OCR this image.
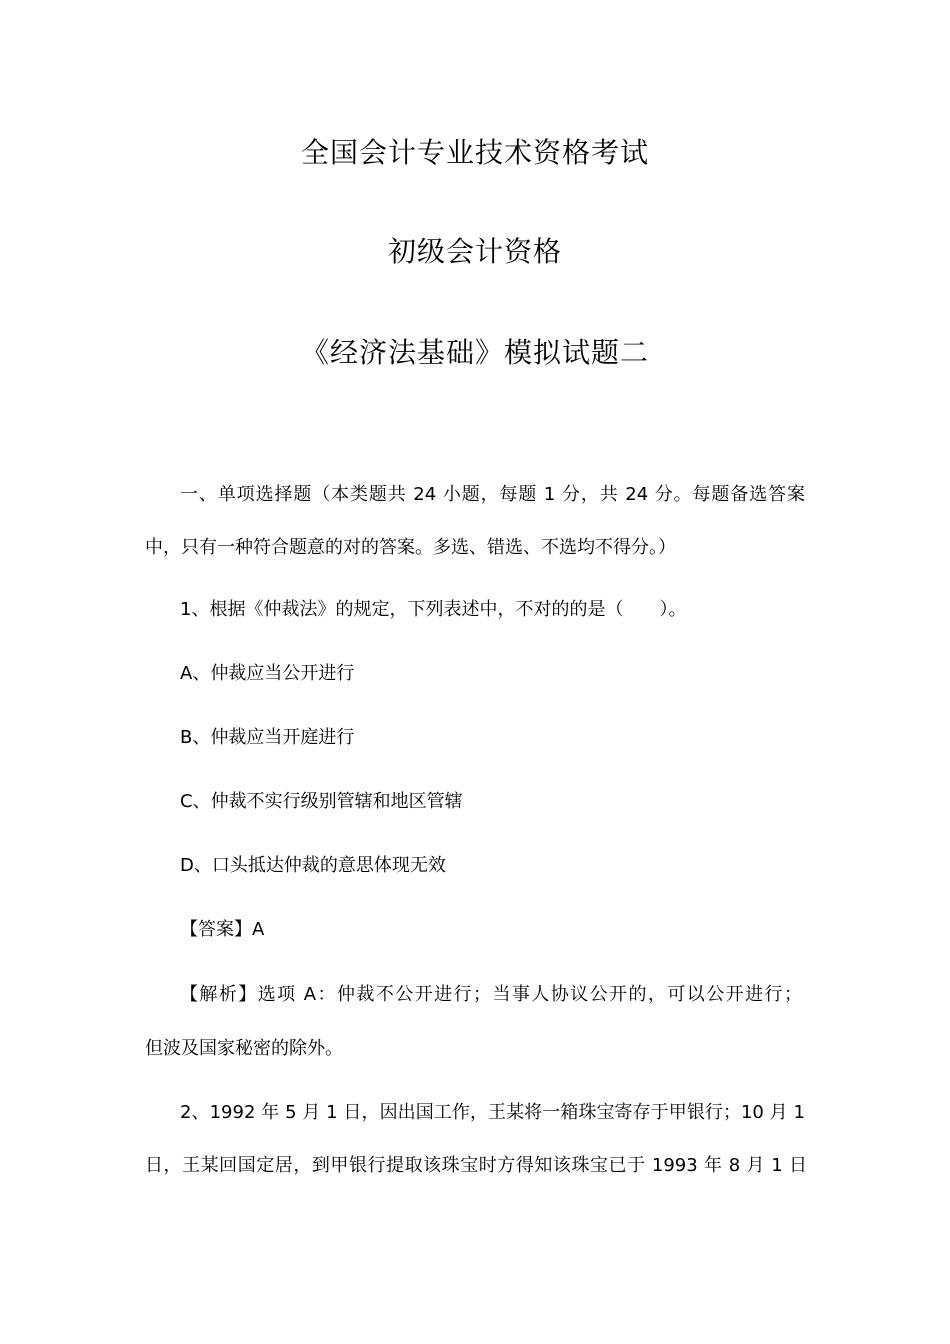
全国会计专业技术资格考试
初级会计资格
《经济法基础》模拟试题二
一、单项选择题（本类题共 24 小题，每题 1 分，共 24 分。每题备选答案
中，只有一种符合题意的对的答案。多选、错选、不选均不得分。）
1、根据《仲裁法》的规定，下列表述中，不对的的是（　　）。
A、仲裁应当公开进行
B、仲裁应当开庭进行
C、仲裁不实行级别管辖和地区管辖
D、口头抵达仲裁的意思体现无效
【答案】A
【解析】选项 A：仲裁不公开进行；当事人协议公开的，可以公开进行；
但波及国家秘密的除外。
2、1992 年 5 月 1 日，因出国工作，王某将一箱珠宝寄存于甲银行；10 月 1
日，王某回国定居，到甲银行提取该珠宝时方得知该珠宝已于 1993 年 8 月 1 日
